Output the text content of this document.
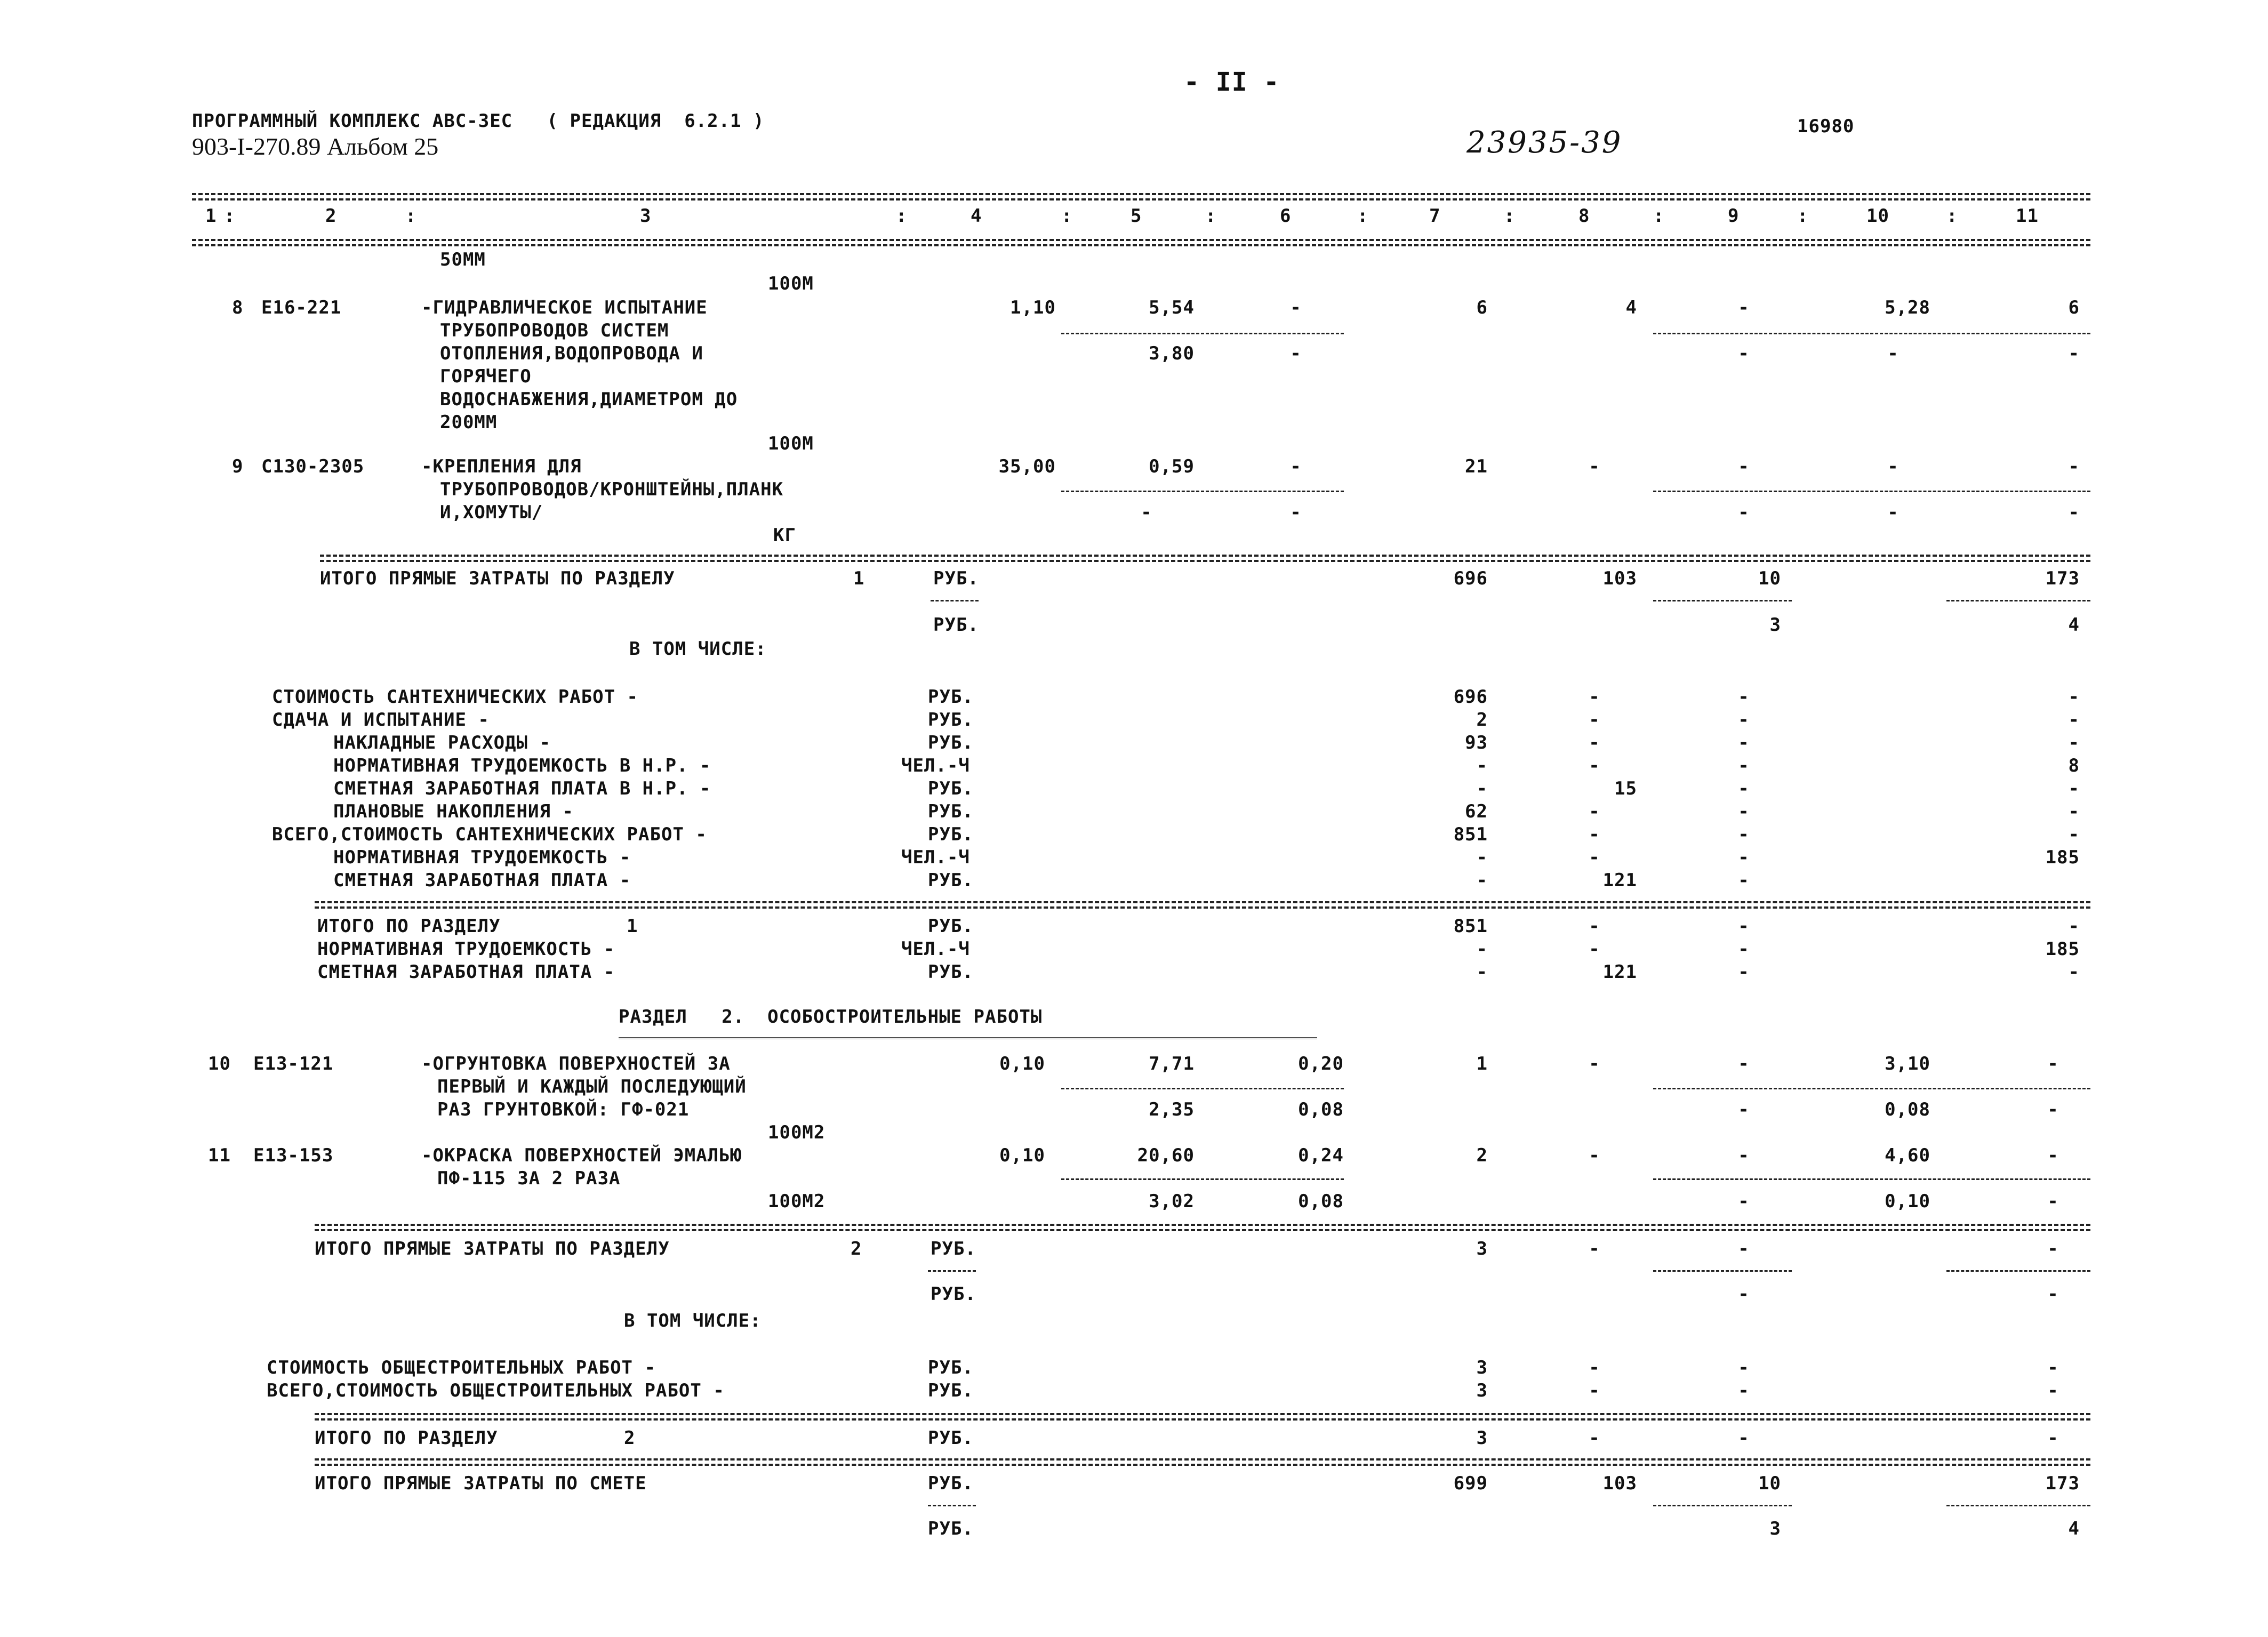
- II -
ПРОГРАММНЫЙ КОМПЛЕКС АВС-3ЕС   ( РЕДАКЦИЯ  6.2.1 )
903-I-270.89 Альбом 25	23935-39	16980
1 :	2	:	3	:	4	:	5	:	6	:	7	:	8	:	9	:	10	:	11
50ММ
100М
8 Е16-221	-ГИДРАВЛИЧЕСКОЕ ИСПЫТАНИЕ
ТРУБОПРОВОДОВ СИСТЕМ
ОТОПЛЕНИЯ,ВОДОПРОВОДА И
ГОРЯЧЕГО
ВОДОСНАБЖЕНИЯ,ДИАМЕТРОМ ДО
200ММ
1,10	5,54	-	6	4	-	5,28	6
3,80	-	-	-	-
100М
9 С130-2305	-КРЕПЛЕНИЯ ДЛЯ
ТРУБОПРОВОДОВ/КРОНШТЕЙНЫ,ПЛАНК
И,ХОМУТЫ/
КГ
35,00	0,59	-	21	-	-	-	-
-	-	-	-	-
ИТОГО ПРЯМЫЕ ЗАТРАТЫ ПО РАЗДЕЛУ	1	РУБ.	696	103	10	173
РУБ.	3	4
В ТОМ ЧИСЛЕ:
СТОИМОСТЬ САНТЕХНИЧЕСКИХ РАБОТ -	РУБ.	696	-	-	-
СДАЧА И ИСПЫТАНИЕ -	РУБ.	2	-	-	-
НАКЛАДНЫЕ РАСХОДЫ -	РУБ.	93	-	-	-
НОРМАТИВНАЯ ТРУДОЕМКОСТЬ В Н.Р. -	ЧЕЛ.-Ч	-	-	-	8
СМЕТНАЯ ЗАРАБОТНАЯ ПЛАТА В Н.Р. -	РУБ.	-	15	-	-
ПЛАНОВЫЕ НАКОПЛЕНИЯ -	РУБ.	62	-	-	-
ВСЕГО,СТОИМОСТЬ САНТЕХНИЧЕСКИХ РАБОТ -	РУБ.	851	-	-	-
НОРМАТИВНАЯ ТРУДОЕМКОСТЬ -	ЧЕЛ.-Ч	-	-	-	185
СМЕТНАЯ ЗАРАБОТНАЯ ПЛАТА -	РУБ.	-	121	-
ИТОГО ПО РАЗДЕЛУ	1	РУБ.	851	-	-	-
НОРМАТИВНАЯ ТРУДОЕМКОСТЬ -	ЧЕЛ.-Ч	-	-	-	185
СМЕТНАЯ ЗАРАБОТНАЯ ПЛАТА -	РУБ.	-	121	-	-
РАЗДЕЛ   2.  ОСОБОСТРОИТЕЛЬНЫЕ РАБОТЫ
10 Е13-121	-ОГРУНТОВКА ПОВЕРХНОСТЕЙ ЗА
ПЕРВЫЙ И КАЖДЫЙ ПОСЛЕДУЮЩИЙ
РАЗ ГРУНТОВКОЙ: ГФ-021
100М2
0,10	7,71	0,20	1	-	-	3,10	-
2,35	0,08	-	0,08	-
11 Е13-153	-ОКРАСКА ПОВЕРХНОСТЕЙ ЭМАЛЬЮ
ПФ-115 ЗА 2 РАЗА
100М2
0,10	20,60	0,24	2	-	-	4,60	-
3,02	0,08	-	0,10	-
ИТОГО ПРЯМЫЕ ЗАТРАТЫ ПО РАЗДЕЛУ	2	РУБ.	3	-	-	-
РУБ.	-	-
В ТОМ ЧИСЛЕ:
СТОИМОСТЬ ОБЩЕСТРОИТЕЛЬНЫХ РАБОТ -	РУБ.	3	-	-	-
ВСЕГО,СТОИМОСТЬ ОБЩЕСТРОИТЕЛЬНЫХ РАБОТ -	РУБ.	3	-	-	-
ИТОГО ПО РАЗДЕЛУ	2	РУБ.	3	-	-	-
ИТОГО ПРЯМЫЕ ЗАТРАТЫ ПО СМЕТЕ	РУБ.	699	103	10	173
РУБ.	3	4
